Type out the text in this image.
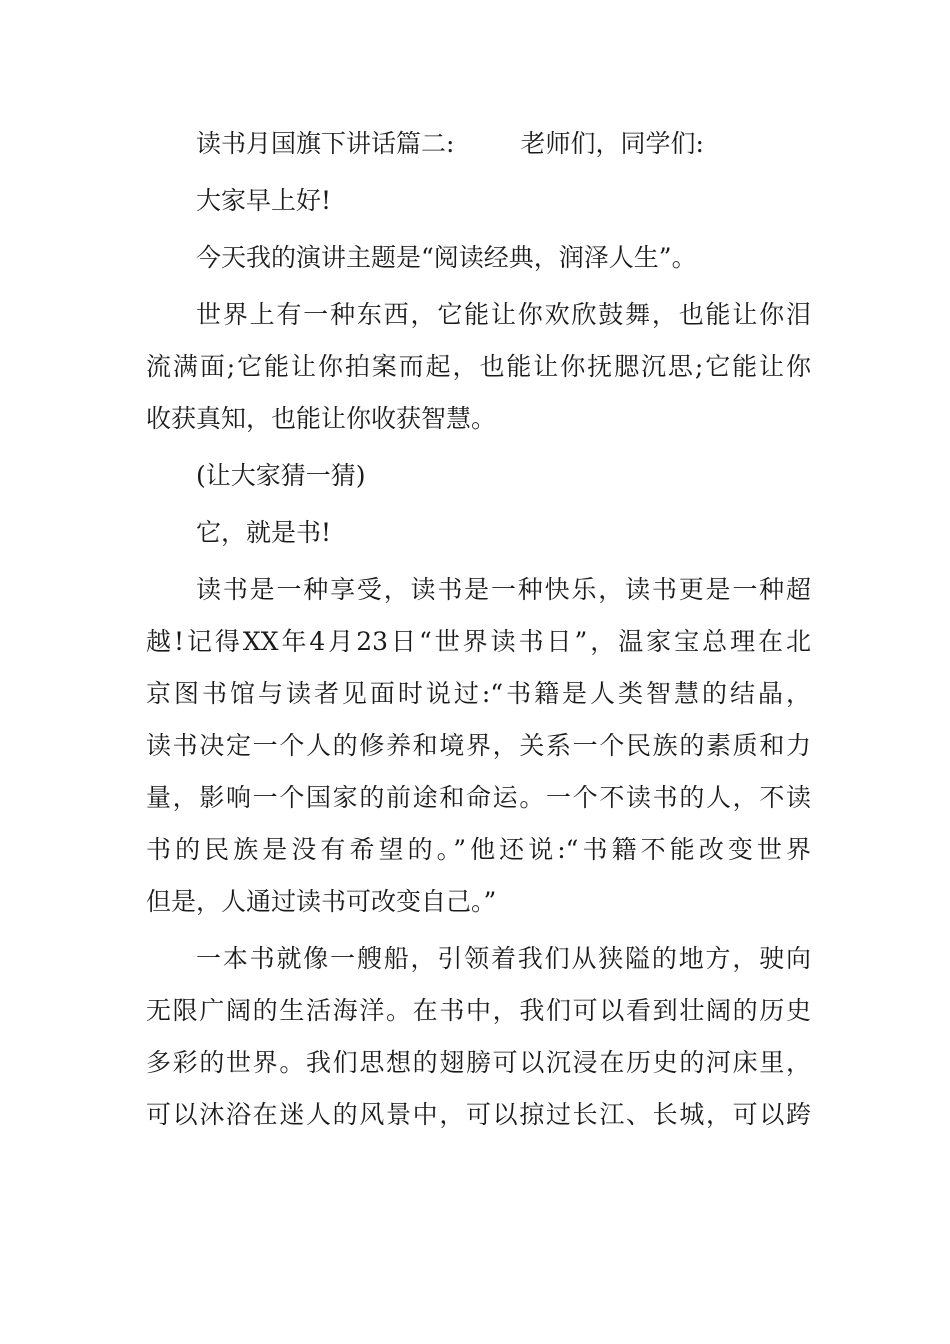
读书月国旗下讲话篇二:	老师们，同学们:
大家早上好!
今天我的演讲主题是“阅读经典，润泽人生”。
世界上有一种东西，它能让你欢欣鼓舞，也能让你泪
流满面;它能让你拍案而起，也能让你抚腮沉思;它能让你
收获真知，也能让你收获智慧。
(让大家猜一猜)
它，就是书!
读书是一种享受，读书是一种快乐，读书更是一种超
越!记得XX年4月23日“世界读书日”，温家宝总理在北
京图书馆与读者见面时说过:“书籍是人类智慧的结晶，
读书决定一个人的修养和境界，关系一个民族的素质和力
量，影响一个国家的前途和命运。一个不读书的人，不读
书的民族是没有希望的。”他还说:“书籍不能改变世界
但是，人通过读书可改变自己。”
一本书就像一艘船，引领着我们从狭隘的地方，驶向
无限广阔的生活海洋。在书中，我们可以看到壮阔的历史
多彩的世界。我们思想的翅膀可以沉浸在历史的河床里，
可以沐浴在迷人的风景中，可以掠过长江、长城，可以跨
